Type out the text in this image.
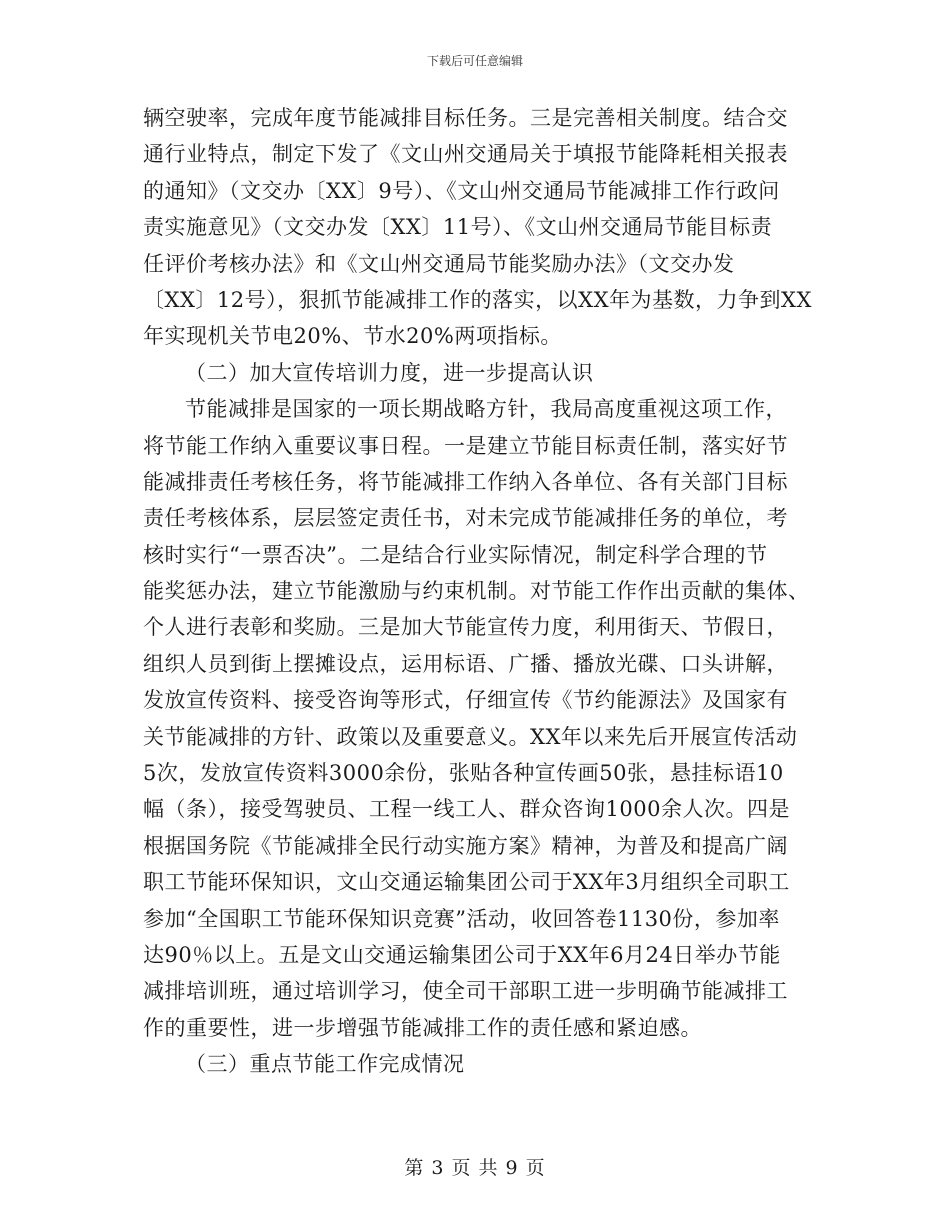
下载后可任意编辑
辆空驶率，完成年度节能减排目标任务。三是完善相关制度。结合交
通行业特点，制定下发了《文山州交通局关于填报节能降耗相关报表
的通知》（文交办〔XX〕9号）、《文山州交通局节能减排工作行政问
责实施意见》（文交办发〔XX〕11号）、《文山州交通局节能目标责
任评价考核办法》和《文山州交通局节能奖励办法》（文交办发
〔XX〕12号），狠抓节能减排工作的落实，以XX年为基数，力争到XX
年实现机关节电20%、节水20%两项指标。
（二）加大宣传培训力度，进一步提高认识
节能减排是国家的一项长期战略方针，我局高度重视这项工作，
将节能工作纳入重要议事日程。一是建立节能目标责任制，落实好节
能减排责任考核任务，将节能减排工作纳入各单位、各有关部门目标
责任考核体系，层层签定责任书，对未完成节能减排任务的单位，考
核时实行“一票否决”。二是结合行业实际情况，制定科学合理的节
能奖惩办法，建立节能激励与约束机制。对节能工作作出贡献的集体、
个人进行表彰和奖励。三是加大节能宣传力度，利用街天、节假日，
组织人员到街上摆摊设点，运用标语、广播、播放光碟、口头讲解，
发放宣传资料、接受咨询等形式，仔细宣传《节约能源法》及国家有
关节能减排的方针、政策以及重要意义。XX年以来先后开展宣传活动
5次，发放宣传资料3000余份，张贴各种宣传画50张，悬挂标语10
幅（条），接受驾驶员、工程一线工人、群众咨询1000余人次。四是
根据国务院《节能减排全民行动实施方案》精神，为普及和提高广阔
职工节能环保知识，文山交通运输集团公司于XX年3月组织全司职工
参加“全国职工节能环保知识竞赛”活动，收回答卷1130份，参加率
达90％以上。五是文山交通运输集团公司于XX年6月24日举办节能
减排培训班，通过培训学习，使全司干部职工进一步明确节能减排工
作的重要性，进一步增强节能减排工作的责任感和紧迫感。
（三）重点节能工作完成情况
第 3 页 共 9 页
